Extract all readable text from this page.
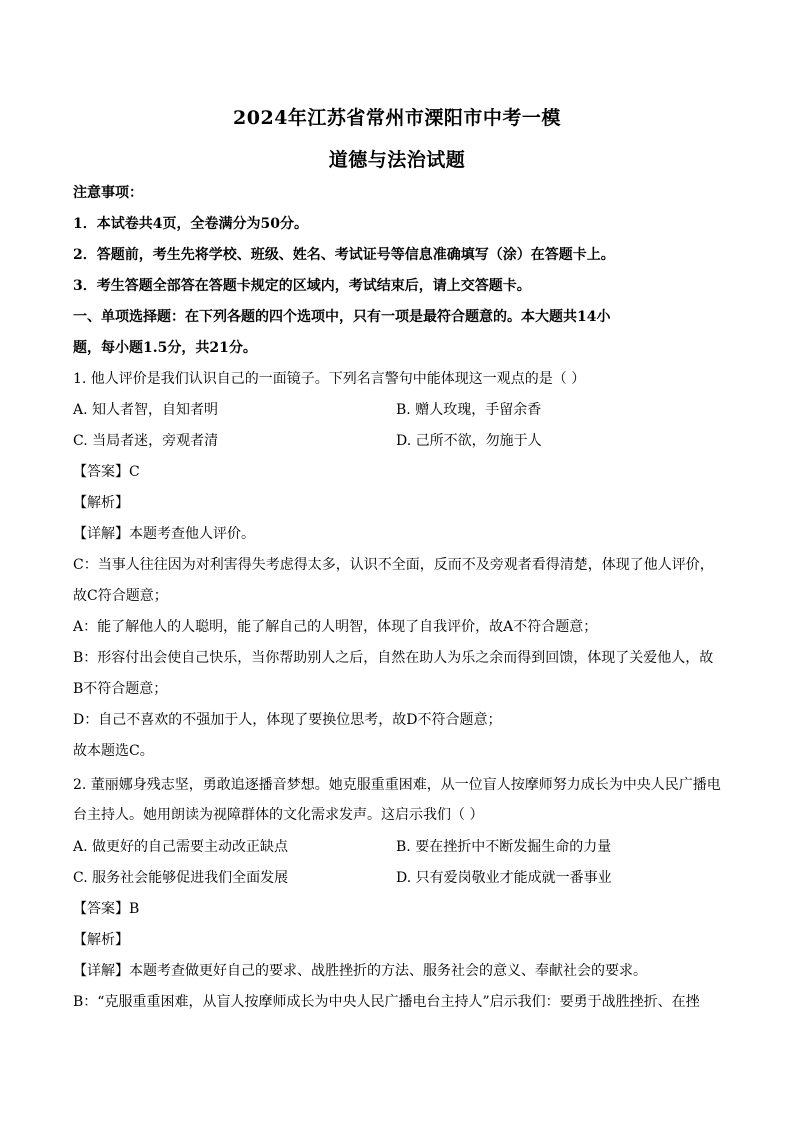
2024年江苏省常州市溧阳市中考一模
道德与法治试题
注意事项：
1．本试卷共4页，全卷满分为50分。
2．答题前，考生先将学校、班级、姓名、考试证号等信息准确填写（涂）在答题卡上。
3．考生答题全部答在答题卡规定的区域内，考试结束后，请上交答题卡。
一、单项选择题：在下列各题的四个选项中，只有一项是最符合题意的。本大题共14小
题，每小题1.5分，共21分。
1. 他人评价是我们认识自己的一面镜子。下列名言警句中能体现这一观点的是（ ）
A. 知人者智，自知者明	B. 赠人玫瑰，手留余香
C. 当局者迷，旁观者清	D. 己所不欲，勿施于人
【答案】C
【解析】
【详解】本题考查他人评价。
C：当事人往往因为对利害得失考虑得太多，认识不全面，反而不及旁观者看得清楚，体现了他人评价，
故C符合题意；
A：能了解他人的人聪明，能了解自己的人明智，体现了自我评价，故A不符合题意；
B：形容付出会使自己快乐，当你帮助别人之后，自然在助人为乐之余而得到回馈，体现了关爱他人，故
B不符合题意；
D：自己不喜欢的不强加于人，体现了要换位思考，故D不符合题意；
故本题选C。
2. 董丽娜身残志坚，勇敢追逐播音梦想。她克服重重困难，从一位盲人按摩师努力成长为中央人民广播电
台主持人。她用朗读为视障群体的文化需求发声。这启示我们（ ）
A. 做更好的自己需要主动改正缺点	B. 要在挫折中不断发掘生命的力量
C. 服务社会能够促进我们全面发展	D. 只有爱岗敬业才能成就一番事业
【答案】B
【解析】
【详解】本题考查做更好自己的要求、战胜挫折的方法、服务社会的意义、奉献社会的要求。
B：“克服重重困难，从盲人按摩师成长为中央人民广播电台主持人”启示我们：要勇于战胜挫折、在挫
